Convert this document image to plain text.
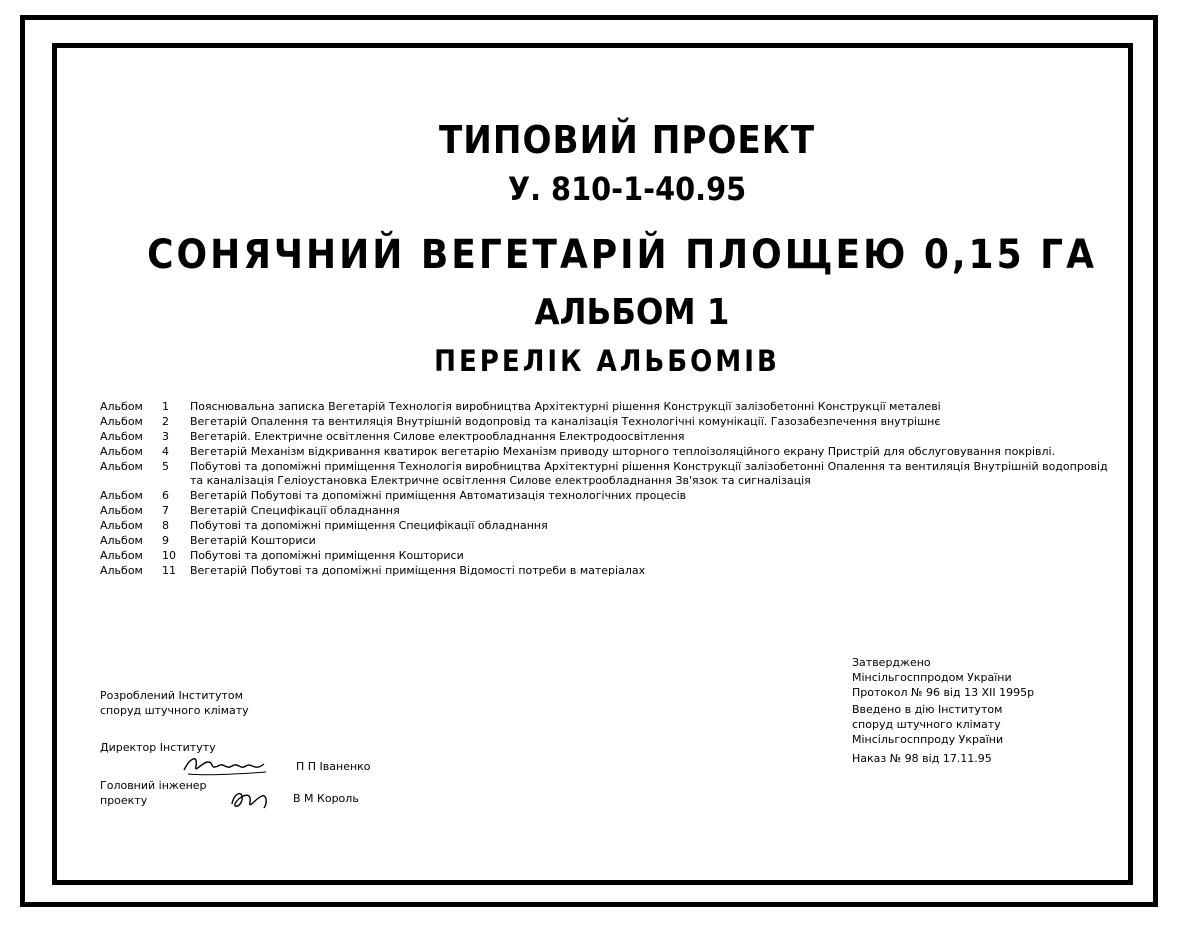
ТИПОВИЙ ПРОЕКТ
У. 810-1-40.95
СОНЯЧНИЙ ВЕГЕТАРІЙ ПЛОЩЕЮ 0,15 ГА
АЛЬБОМ 1
ПЕРЕЛІК АЛЬБОМІВ
Альбом	1	Пояснювальна записка Вегетарій Технологія виробництва Архітектурні рішення Конструкції залізобетонні Конструкції металеві
Альбом	2	Вегетарій Опалення та вентиляція Внутрішній водопровід та каналізація Технологічні комунікації. Газозабезпечення внутрішнє
Альбом	3	Вегетарій. Електричне освітлення Силове електрообладнання Електродоосвітлення
Альбом	4	Вегетарій Механізм відкривання кватирок вегетарію Механізм приводу шторного теплоізоляційного екрану Пристрій для обслуговування покрівлі.
Альбом	5	Побутові та допоміжні приміщення Технологія виробництва Архітектурні рішення Конструкції залізобетонні Опалення та вентиляція Внутрішній водопровід та каналізація Геліоустановка Електричне освітлення Силове електрообладнання Зв'язок та сигналізація
Альбом	6	Вегетарій Побутові та допоміжні приміщення Автоматизація технологічних процесів
Альбом	7	Вегетарій Специфікації обладнання
Альбом	8	Побутові та допоміжні приміщення Специфікації обладнання
Альбом	9	Вегетарій Кошториси
Альбом	10	Побутові та допоміжні приміщення Кошториси
Альбом	11	Вегетарій Побутові та допоміжні приміщення Відомості потреби в матеріалах
Затверджено
Мінсільгосппродом України
Протокол № 96 від 13 XII 1995р
Введено в дію Інститутом
споруд штучного клімату
Мінсільгосппроду України
Наказ № 98 від 17.11.95
Розроблений Інститутом
споруд штучного клімату
Директор Інституту
П П Іваненко
Головний інженер
проекту	В М Король
